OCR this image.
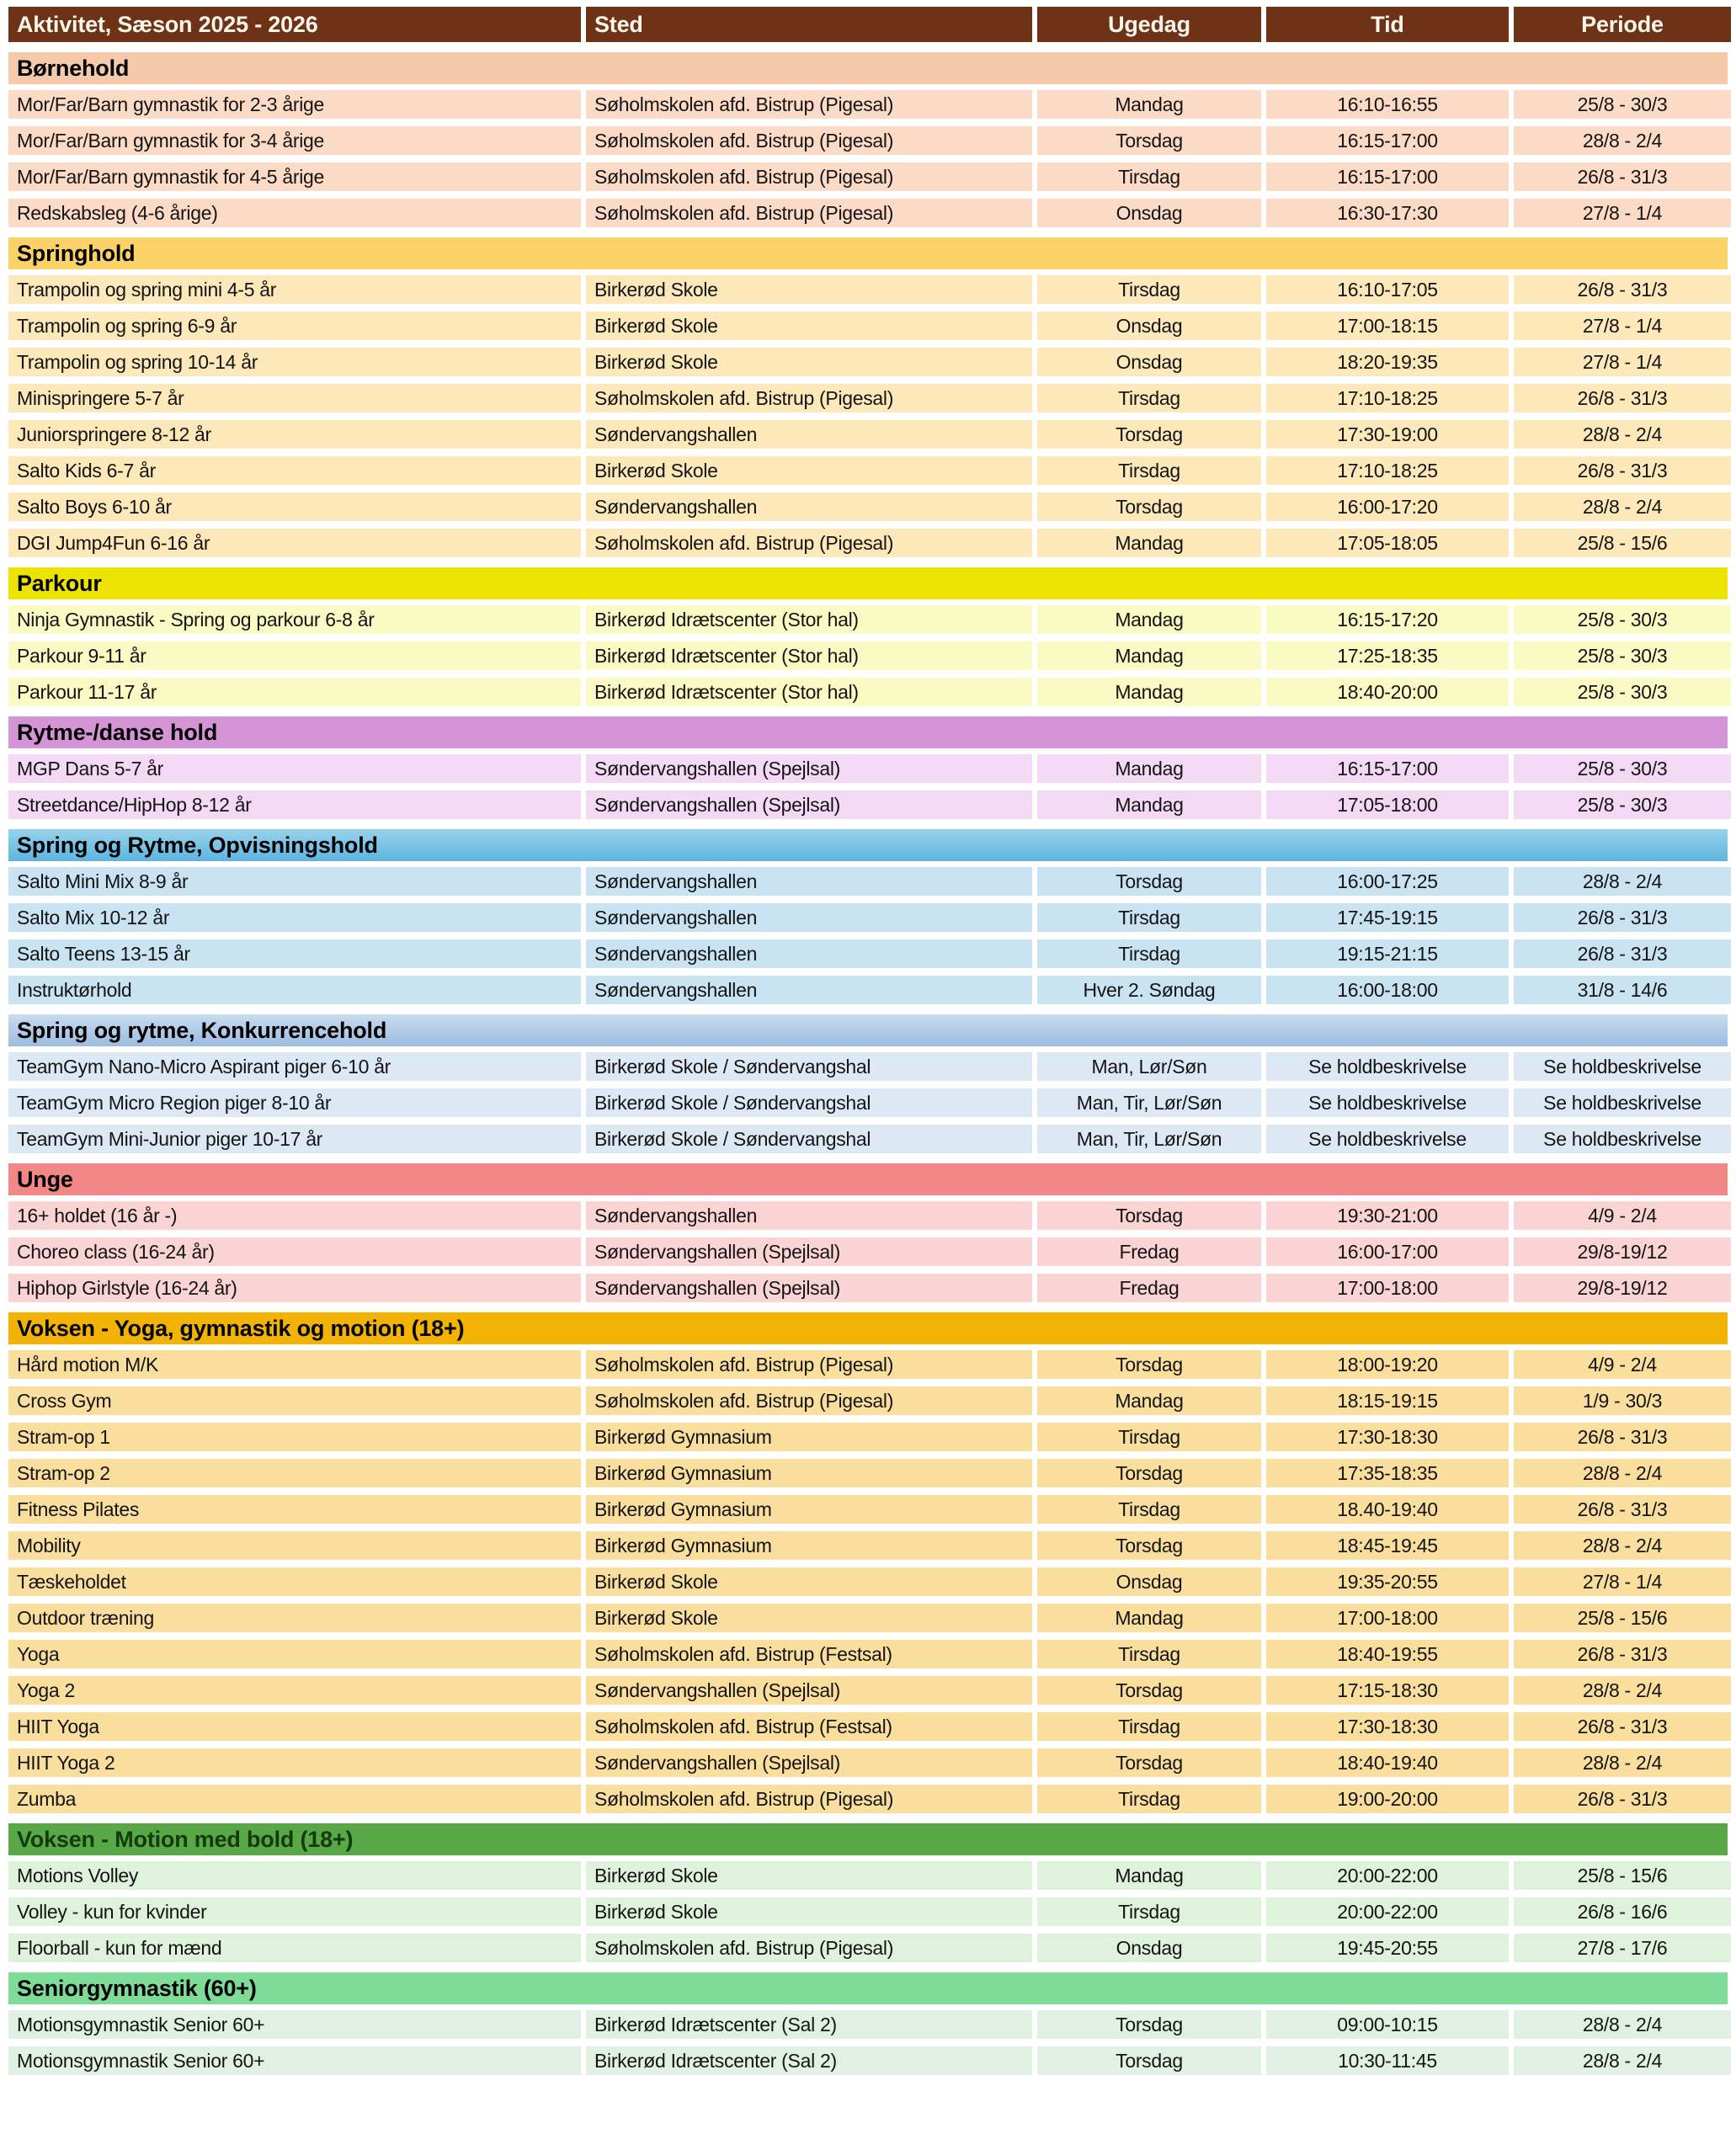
Aktivitet, Sæson 2025 - 2026	Sted	Ugedag	Tid	Periode
Børnehold
Mor/Far/Barn gymnastik for 2-3 årige	Søholmskolen afd. Bistrup (Pigesal)	Mandag	16:10-16:55	25/8 - 30/3
Mor/Far/Barn gymnastik for 3-4 årige	Søholmskolen afd. Bistrup (Pigesal)	Torsdag	16:15-17:00	28/8 - 2/4
Mor/Far/Barn gymnastik for 4-5 årige	Søholmskolen afd. Bistrup (Pigesal)	Tirsdag	16:15-17:00	26/8 - 31/3
Redskabsleg (4-6 årige)	Søholmskolen afd. Bistrup (Pigesal)	Onsdag	16:30-17:30	27/8 - 1/4
Springhold
Trampolin og spring mini 4-5 år	Birkerød Skole	Tirsdag	16:10-17:05	26/8 - 31/3
Trampolin og spring 6-9 år	Birkerød Skole	Onsdag	17:00-18:15	27/8 - 1/4
Trampolin og spring 10-14 år	Birkerød Skole	Onsdag	18:20-19:35	27/8 - 1/4
Minispringere 5-7 år	Søholmskolen afd. Bistrup (Pigesal)	Tirsdag	17:10-18:25	26/8 - 31/3
Juniorspringere 8-12 år	Søndervangshallen	Torsdag	17:30-19:00	28/8 - 2/4
Salto Kids 6-7 år	Birkerød Skole	Tirsdag	17:10-18:25	26/8 - 31/3
Salto Boys 6-10 år	Søndervangshallen	Torsdag	16:00-17:20	28/8 - 2/4
DGI Jump4Fun 6-16 år	Søholmskolen afd. Bistrup (Pigesal)	Mandag	17:05-18:05	25/8 - 15/6
Parkour
Ninja Gymnastik - Spring og parkour 6-8 år	Birkerød Idrætscenter (Stor hal)	Mandag	16:15-17:20	25/8 - 30/3
Parkour 9-11 år	Birkerød Idrætscenter (Stor hal)	Mandag	17:25-18:35	25/8 - 30/3
Parkour 11-17 år	Birkerød Idrætscenter (Stor hal)	Mandag	18:40-20:00	25/8 - 30/3
Rytme-/danse hold
MGP Dans 5-7 år	Søndervangshallen (Spejlsal)	Mandag	16:15-17:00	25/8 - 30/3
Streetdance/HipHop 8-12 år	Søndervangshallen (Spejlsal)	Mandag	17:05-18:00	25/8 - 30/3
Spring og Rytme, Opvisningshold
Salto Mini Mix 8-9 år	Søndervangshallen	Torsdag	16:00-17:25	28/8 - 2/4
Salto Mix 10-12 år	Søndervangshallen	Tirsdag	17:45-19:15	26/8 - 31/3
Salto Teens 13-15 år	Søndervangshallen	Tirsdag	19:15-21:15	26/8 - 31/3
Instruktørhold	Søndervangshallen	Hver 2. Søndag	16:00-18:00	31/8 - 14/6
Spring og rytme, Konkurrencehold
TeamGym Nano-Micro Aspirant piger 6-10 år	Birkerød Skole / Søndervangshal	Man, Lør/Søn	Se holdbeskrivelse	Se holdbeskrivelse
TeamGym Micro Region piger 8-10 år	Birkerød Skole / Søndervangshal	Man, Tir, Lør/Søn	Se holdbeskrivelse	Se holdbeskrivelse
TeamGym Mini-Junior piger 10-17 år	Birkerød Skole / Søndervangshal	Man, Tir, Lør/Søn	Se holdbeskrivelse	Se holdbeskrivelse
Unge
16+ holdet (16 år -)	Søndervangshallen	Torsdag	19:30-21:00	4/9 - 2/4
Choreo class (16-24 år)	Søndervangshallen (Spejlsal)	Fredag	16:00-17:00	29/8-19/12
Hiphop Girlstyle (16-24 år)	Søndervangshallen (Spejlsal)	Fredag	17:00-18:00	29/8-19/12
Voksen - Yoga, gymnastik og motion (18+)
Hård motion M/K	Søholmskolen afd. Bistrup (Pigesal)	Torsdag	18:00-19:20	4/9 - 2/4
Cross Gym	Søholmskolen afd. Bistrup (Pigesal)	Mandag	18:15-19:15	1/9 - 30/3
Stram-op 1	Birkerød Gymnasium	Tirsdag	17:30-18:30	26/8 - 31/3
Stram-op 2	Birkerød Gymnasium	Torsdag	17:35-18:35	28/8 - 2/4
Fitness Pilates	Birkerød Gymnasium	Tirsdag	18.40-19:40	26/8 - 31/3
Mobility	Birkerød Gymnasium	Torsdag	18:45-19:45	28/8 - 2/4
Tæskeholdet	Birkerød Skole	Onsdag	19:35-20:55	27/8 - 1/4
Outdoor træning	Birkerød Skole	Mandag	17:00-18:00	25/8 - 15/6
Yoga	Søholmskolen afd. Bistrup (Festsal)	Tirsdag	18:40-19:55	26/8 - 31/3
Yoga 2	Søndervangshallen (Spejlsal)	Torsdag	17:15-18:30	28/8 - 2/4
HIIT Yoga	Søholmskolen afd. Bistrup (Festsal)	Tirsdag	17:30-18:30	26/8 - 31/3
HIIT Yoga 2	Søndervangshallen (Spejlsal)	Torsdag	18:40-19:40	28/8 - 2/4
Zumba	Søholmskolen afd. Bistrup (Pigesal)	Tirsdag	19:00-20:00	26/8 - 31/3
Voksen - Motion med bold (18+)
Motions Volley	Birkerød Skole	Mandag	20:00-22:00	25/8 - 15/6
Volley - kun for kvinder	Birkerød Skole	Tirsdag	20:00-22:00	26/8 - 16/6
Floorball - kun for mænd	Søholmskolen afd. Bistrup (Pigesal)	Onsdag	19:45-20:55	27/8 - 17/6
Seniorgymnastik (60+)
Motionsgymnastik Senior 60+	Birkerød Idrætscenter (Sal 2)	Torsdag	09:00-10:15	28/8 - 2/4
Motionsgymnastik Senior 60+	Birkerød Idrætscenter (Sal 2)	Torsdag	10:30-11:45	28/8 - 2/4
